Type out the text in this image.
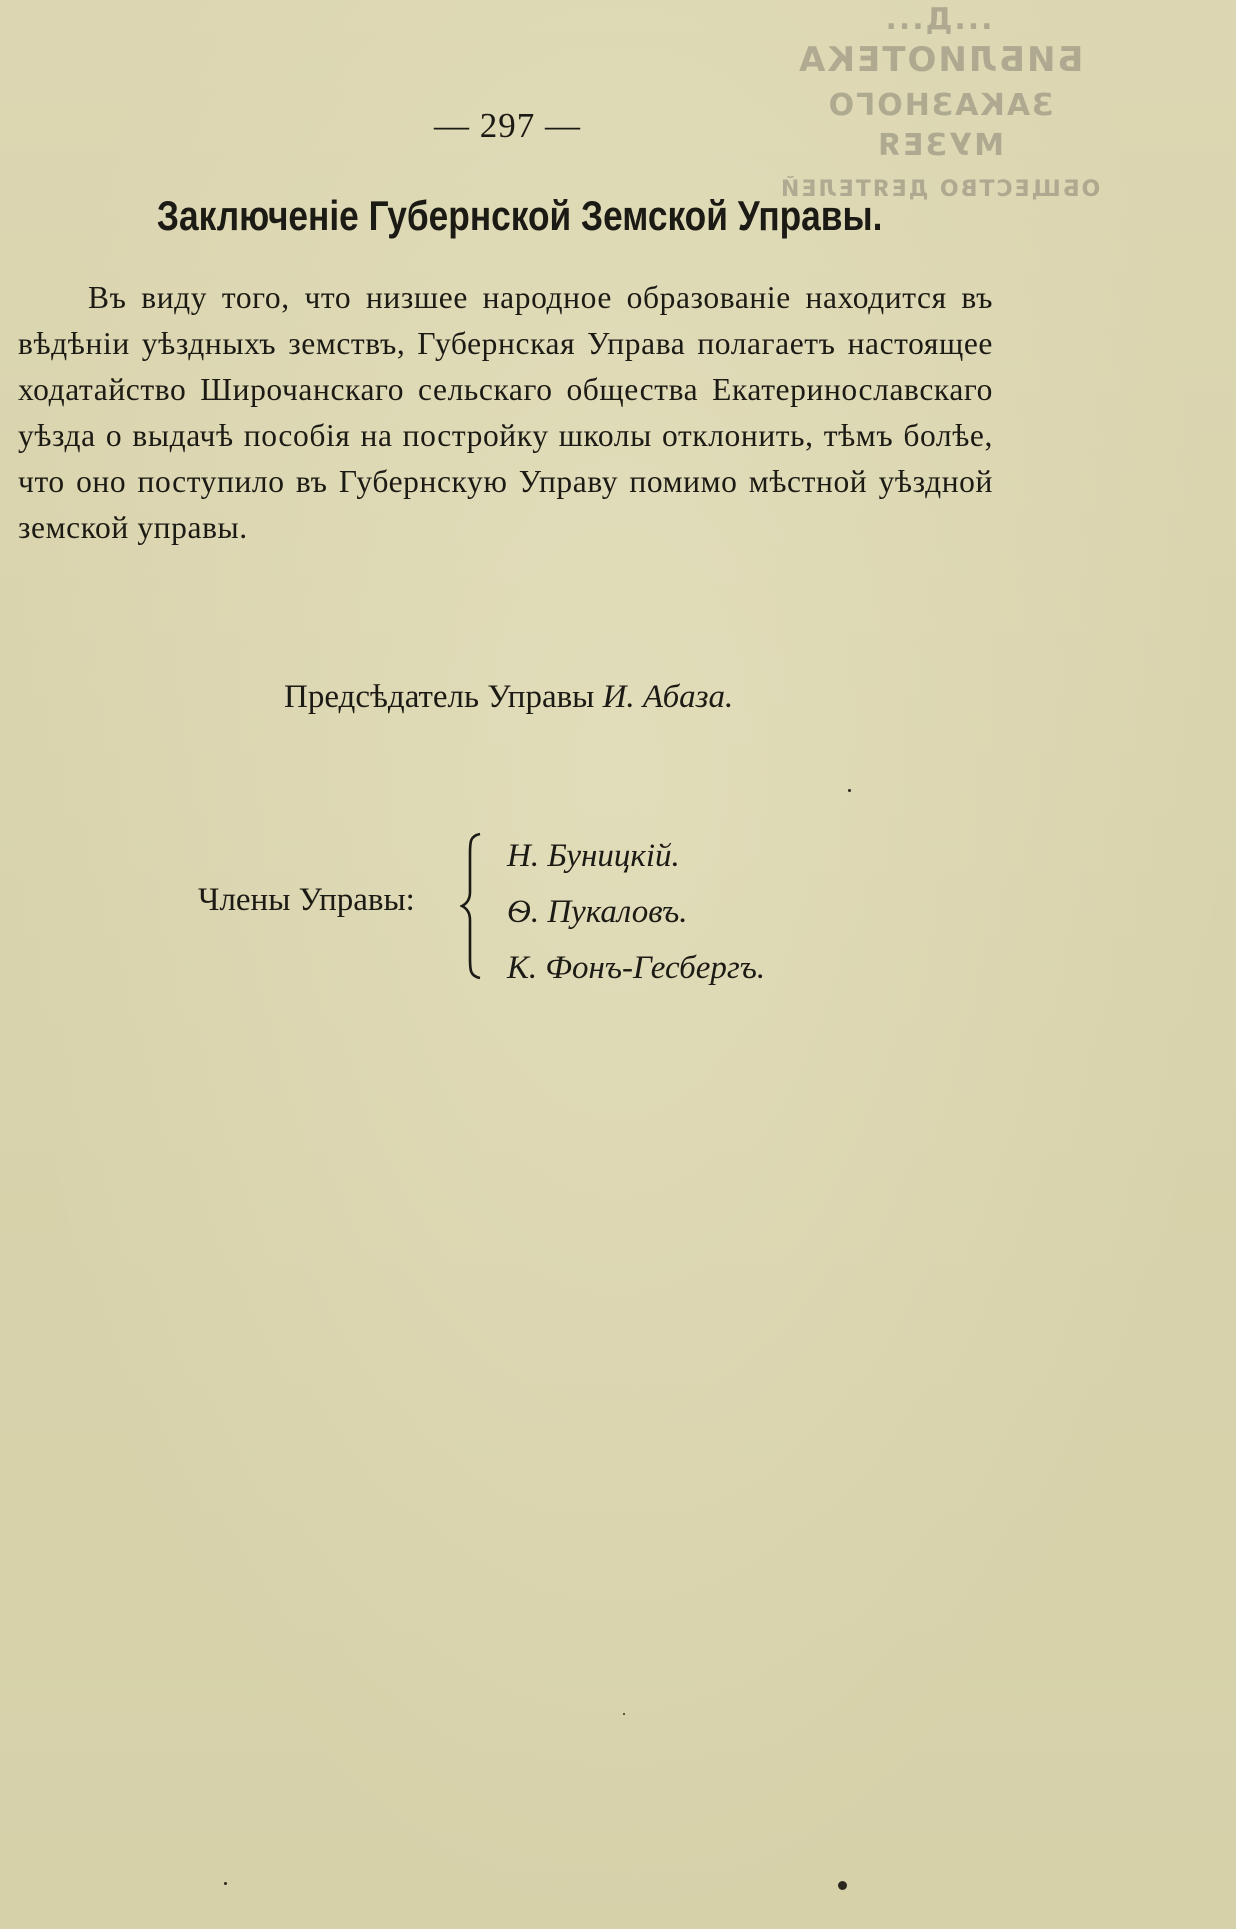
...Д...
БИБЛИОТЕКА
ЗАКАЗНОГО МУЗЕЯ
ОБЩЕСТВО ДЕЯТЕЛЕЙ
— 297 —
Заключенiе Губернской Земской Управы.
Въ виду того, что низшее народное образованiе находится въ вѣдѣнiи уѣздныхъ земствъ, Губернская Управа полагаетъ настоящее ходатайство Широчанскаго сельскаго общества Екатеринославскаго уѣзда о выдачѣ пособiя на постройку школы отклонить, тѣмъ болѣе, что оно поступило въ Губернскую Управу помимо мѣстной уѣздной земской управы.
Предсѣдатель Управы И. Абаза.
Члены Управы:
Н. Буницкiй.
Ѳ. Пукаловъ.
К. Фонъ-Гесбергъ.
